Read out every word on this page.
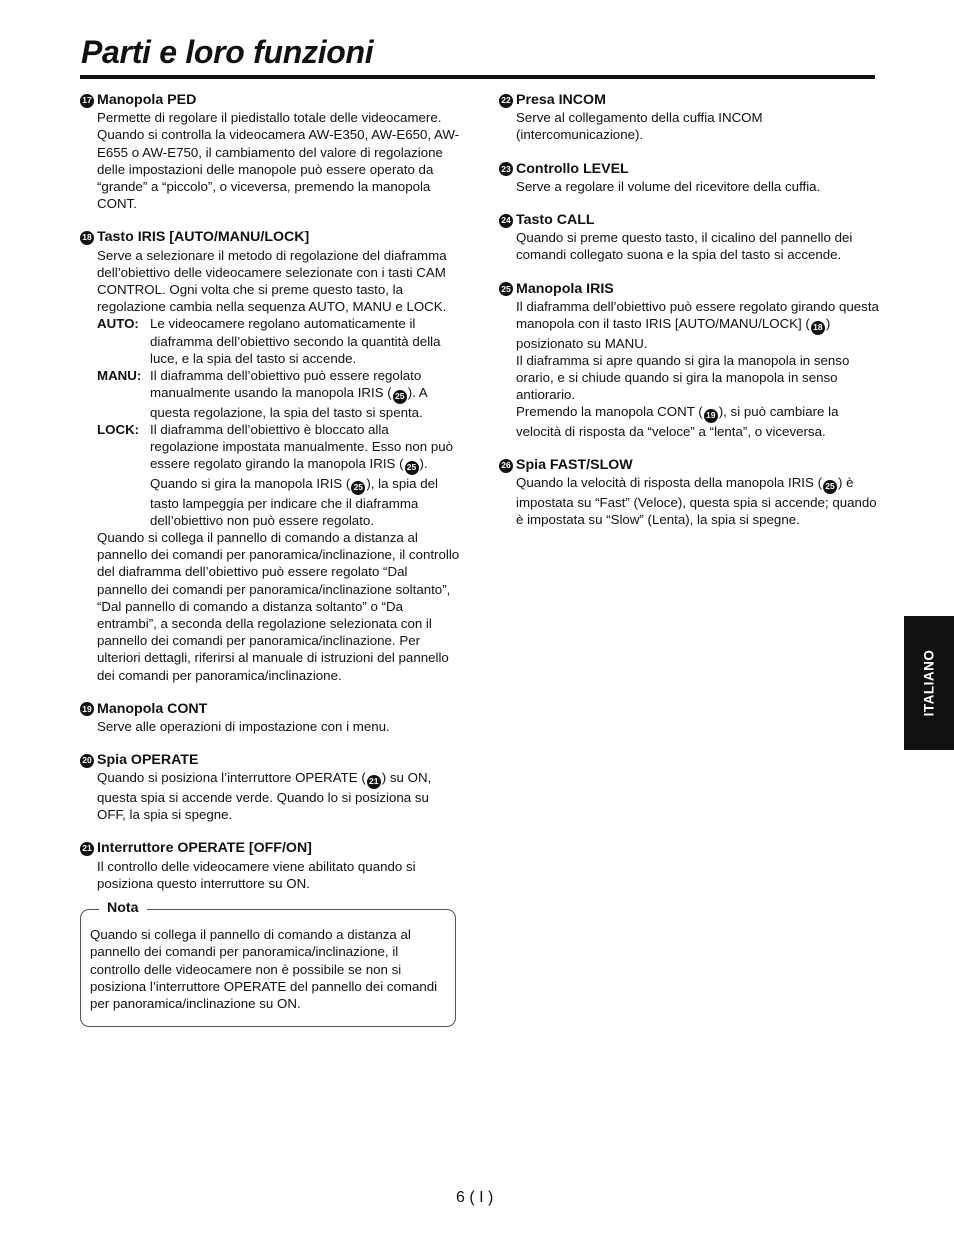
Parti e loro funzioni
17 Manopola PED

Permette di regolare il piedistallo totale delle videocamere.

Quando si controlla la videocamera AW-E350, AW-E650, AW-E655 o AW-E750, il cambiamento del valore di regolazione delle impostazioni delle manopole può essere operato da “grande” a “piccolo”, o viceversa, premendo la manopola CONT.

18 Tasto IRIS [AUTO/MANU/LOCK]

Serve a selezionare il metodo di regolazione del diaframma dell’obiettivo delle videocamere selezionate con i tasti CAM CONTROL. Ogni volta che si preme questo tasto, la regolazione cambia nella sequenza AUTO, MANU e LOCK.

AUTO: Le videocamere regolano automaticamente il diaframma dell’obiettivo secondo la quantità della luce, e la spia del tasto si accende.
MANU: Il diaframma dell’obiettivo può essere regolato manualmente usando la manopola IRIS ( 25 ). A questa regolazione, la spia del tasto si spenta.
LOCK: Il diaframma dell’obiettivo è bloccato alla regolazione impostata manualmente. Esso non può essere regolato girando la manopola IRIS ( 25 ). Quando si gira la manopola IRIS ( 25 ), la spia del tasto lampeggia per indicare che il diaframma dell’obiettivo non può essere regolato.

Quando si collega il pannello di comando a distanza al pannello dei comandi per panoramica/inclinazione, il controllo del diaframma dell’obiettivo può essere regolato “Dal pannello dei comandi per panoramica/inclinazione soltanto”, “Dal pannello di comando a distanza soltanto” o “Da entrambi”, a seconda della regolazione selezionata con il pannello dei comandi per panoramica/inclinazione. Per ulteriori dettagli, riferirsi al manuale di istruzioni del pannello dei comandi per panoramica/inclinazione.

19 Manopola CONT

Serve alle operazioni di impostazione con i menu.

20 Spia OPERATE

Quando si posiziona l’interruttore OPERATE ( 21 ) su ON, questa spia si accende verde. Quando lo si posiziona su OFF, la spia si spegne.

21 Interruttore OPERATE [OFF/ON]

Il controllo delle videocamere viene abilitato quando si posiziona questo interruttore su ON.

Nota

Quando si collega il pannello di comando a distanza al pannello dei comandi per panoramica/inclinazione, il controllo delle videocamere non è possibile se non si posiziona l’interruttore OPERATE del pannello dei comandi per panoramica/inclinazione su ON.

22 Presa INCOM

Serve al collegamento della cuffia INCOM (intercomunicazione).

23 Controllo LEVEL

Serve a regolare il volume del ricevitore della cuffia.

24 Tasto CALL

Quando si preme questo tasto, il cicalino del pannello dei comandi collegato suona e la spia del tasto si accende.

25 Manopola IRIS

Il diaframma dell’obiettivo può essere regolato girando questa manopola con il tasto IRIS [AUTO/MANU/LOCK] ( 18 ) posizionato su MANU.

Il diaframma si apre quando si gira la manopola in senso orario, e si chiude quando si gira la manopola in senso antiorario.

Premendo la manopola CONT ( 19 ), si può cambiare la velocità di risposta da “veloce” a “lenta”, o viceversa.

26 Spia FAST/SLOW

Quando la velocità di risposta della manopola IRIS ( 25 ) è impostata su “Fast” (Veloce), questa spia si accende; quando è impostata su “Slow” (Lenta), la spia si spegne.

ITALIANO
6 ( I )
